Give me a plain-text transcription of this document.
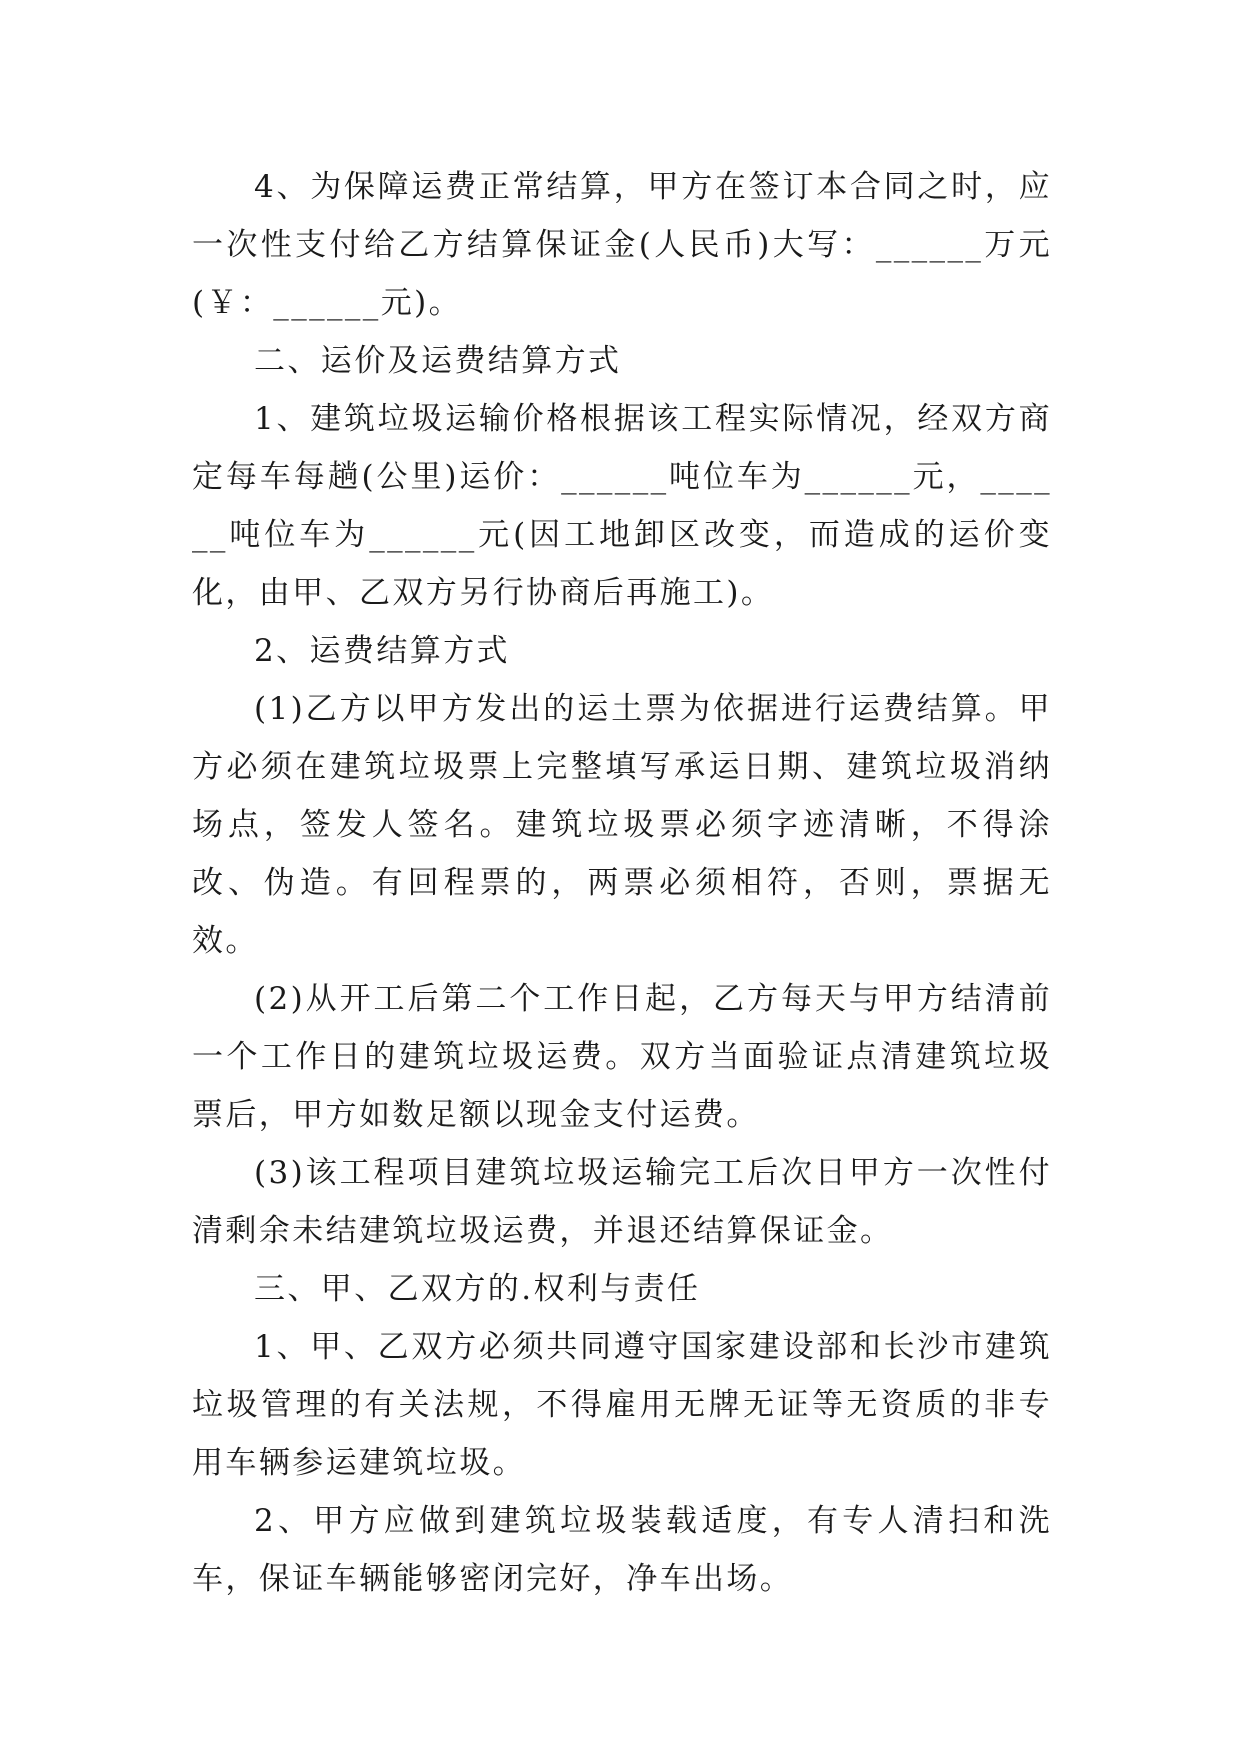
4、为保障运费正常结算，甲方在签订本合同之时，应一次性支付给乙方结算保证金(人民币)大写：______万元(￥：______元)。

二、运价及运费结算方式

1、建筑垃圾运输价格根据该工程实际情况，经双方商定每车每趟(公里)运价：______吨位车为______元，______吨位车为______元(因工地卸区改变，而造成的运价变化，由甲、乙双方另行协商后再施工)。

2、运费结算方式

(1)乙方以甲方发出的运土票为依据进行运费结算。甲方必须在建筑垃圾票上完整填写承运日期、建筑垃圾消纳场点，签发人签名。建筑垃圾票必须字迹清晰，不得涂改、伪造。有回程票的，两票必须相符，否则，票据无效。

(2)从开工后第二个工作日起，乙方每天与甲方结清前一个工作日的建筑垃圾运费。双方当面验证点清建筑垃圾票后，甲方如数足额以现金支付运费。

(3)该工程项目建筑垃圾运输完工后次日甲方一次性付清剩余未结建筑垃圾运费，并退还结算保证金。

三、甲、乙双方的.权利与责任

1、甲、乙双方必须共同遵守国家建设部和长沙市建筑垃圾管理的有关法规，不得雇用无牌无证等无资质的非专用车辆参运建筑垃圾。

2、甲方应做到建筑垃圾装载适度，有专人清扫和洗车，保证车辆能够密闭完好，净车出场。
